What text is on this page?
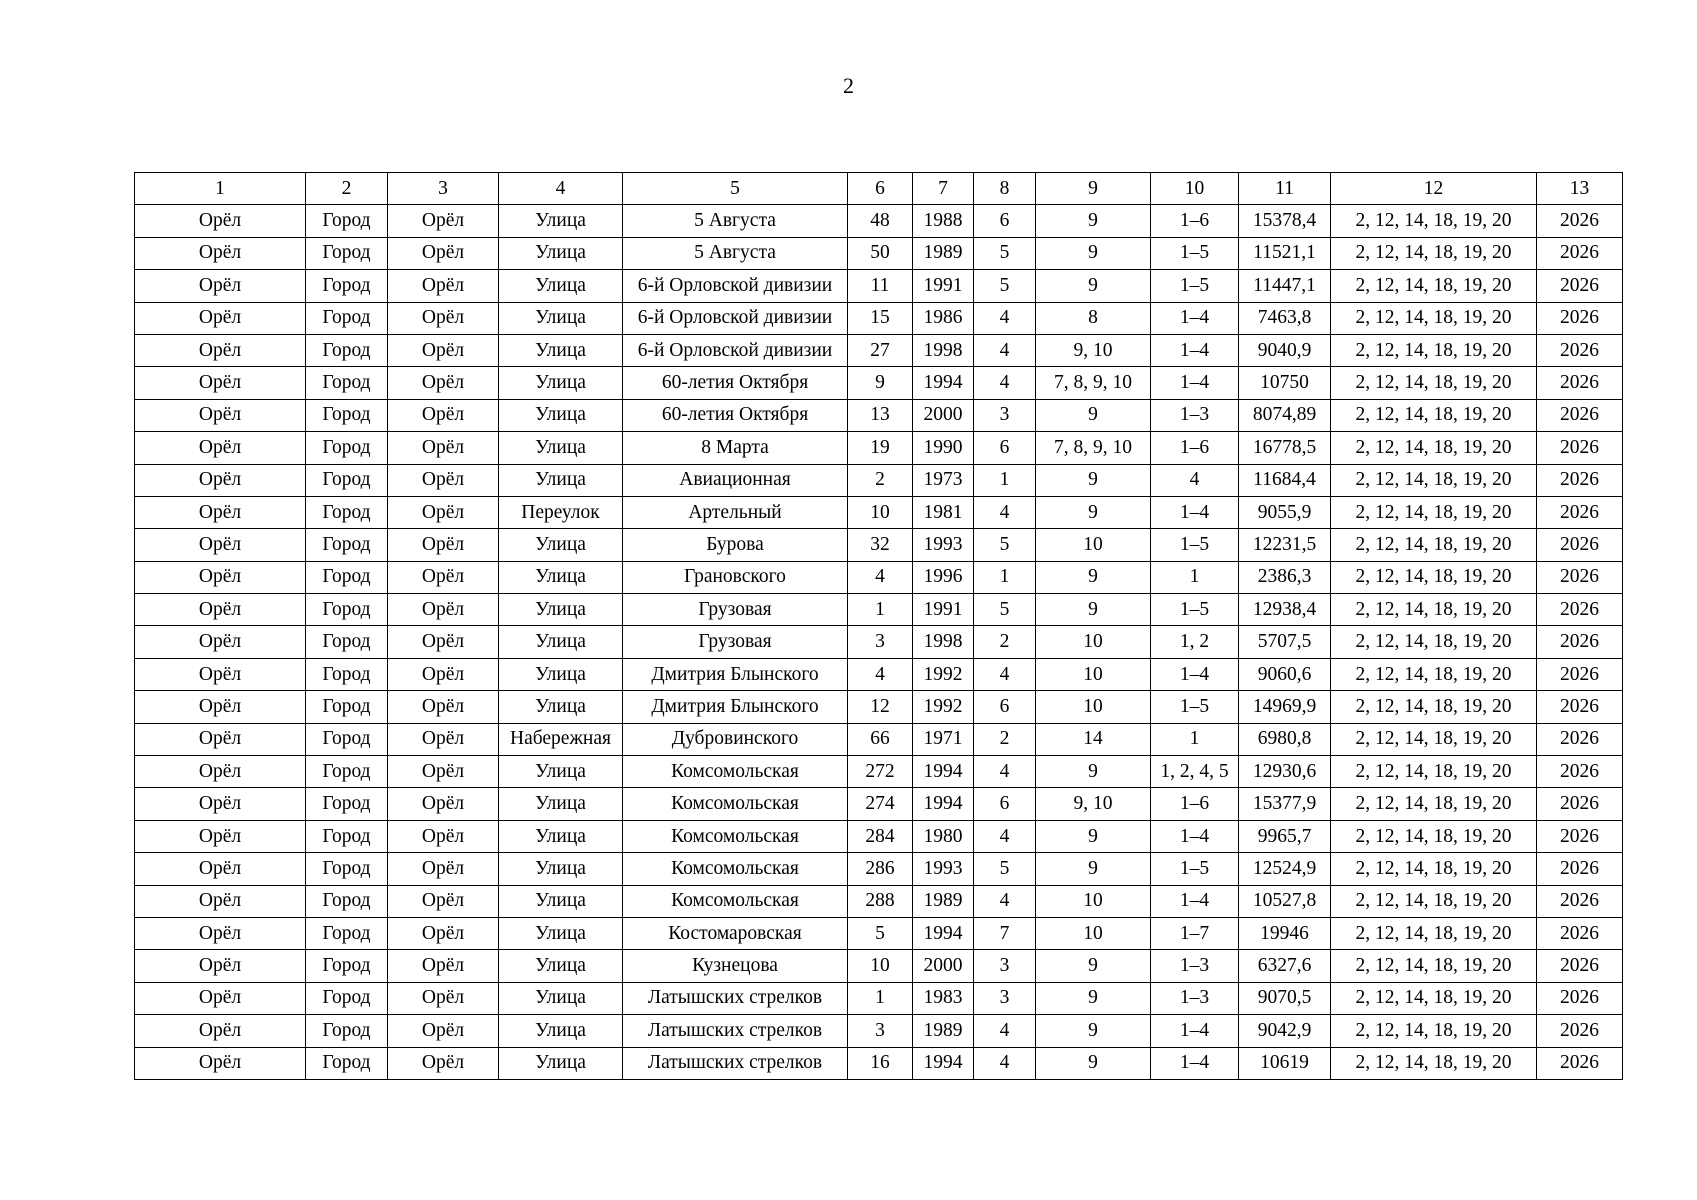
2
1	2	3	4	5	6	7	8	9	10	11	12	13
Орёл	Город	Орёл	Улица	5 Августа	48	1988	6	9	1–6	15378,4	2, 12, 14, 18, 19, 20	2026
Орёл	Город	Орёл	Улица	5 Августа	50	1989	5	9	1–5	11521,1	2, 12, 14, 18, 19, 20	2026
Орёл	Город	Орёл	Улица	6-й Орловской дивизии	11	1991	5	9	1–5	11447,1	2, 12, 14, 18, 19, 20	2026
Орёл	Город	Орёл	Улица	6-й Орловской дивизии	15	1986	4	8	1–4	7463,8	2, 12, 14, 18, 19, 20	2026
Орёл	Город	Орёл	Улица	6-й Орловской дивизии	27	1998	4	9, 10	1–4	9040,9	2, 12, 14, 18, 19, 20	2026
Орёл	Город	Орёл	Улица	60-летия Октября	9	1994	4	7, 8, 9, 10	1–4	10750	2, 12, 14, 18, 19, 20	2026
Орёл	Город	Орёл	Улица	60-летия Октября	13	2000	3	9	1–3	8074,89	2, 12, 14, 18, 19, 20	2026
Орёл	Город	Орёл	Улица	8 Марта	19	1990	6	7, 8, 9, 10	1–6	16778,5	2, 12, 14, 18, 19, 20	2026
Орёл	Город	Орёл	Улица	Авиационная	2	1973	1	9	4	11684,4	2, 12, 14, 18, 19, 20	2026
Орёл	Город	Орёл	Переулок	Артельный	10	1981	4	9	1–4	9055,9	2, 12, 14, 18, 19, 20	2026
Орёл	Город	Орёл	Улица	Бурова	32	1993	5	10	1–5	12231,5	2, 12, 14, 18, 19, 20	2026
Орёл	Город	Орёл	Улица	Грановского	4	1996	1	9	1	2386,3	2, 12, 14, 18, 19, 20	2026
Орёл	Город	Орёл	Улица	Грузовая	1	1991	5	9	1–5	12938,4	2, 12, 14, 18, 19, 20	2026
Орёл	Город	Орёл	Улица	Грузовая	3	1998	2	10	1, 2	5707,5	2, 12, 14, 18, 19, 20	2026
Орёл	Город	Орёл	Улица	Дмитрия Блынского	4	1992	4	10	1–4	9060,6	2, 12, 14, 18, 19, 20	2026
Орёл	Город	Орёл	Улица	Дмитрия Блынского	12	1992	6	10	1–5	14969,9	2, 12, 14, 18, 19, 20	2026
Орёл	Город	Орёл	Набережная	Дубровинского	66	1971	2	14	1	6980,8	2, 12, 14, 18, 19, 20	2026
Орёл	Город	Орёл	Улица	Комсомольская	272	1994	4	9	1, 2, 4, 5	12930,6	2, 12, 14, 18, 19, 20	2026
Орёл	Город	Орёл	Улица	Комсомольская	274	1994	6	9, 10	1–6	15377,9	2, 12, 14, 18, 19, 20	2026
Орёл	Город	Орёл	Улица	Комсомольская	284	1980	4	9	1–4	9965,7	2, 12, 14, 18, 19, 20	2026
Орёл	Город	Орёл	Улица	Комсомольская	286	1993	5	9	1–5	12524,9	2, 12, 14, 18, 19, 20	2026
Орёл	Город	Орёл	Улица	Комсомольская	288	1989	4	10	1–4	10527,8	2, 12, 14, 18, 19, 20	2026
Орёл	Город	Орёл	Улица	Костомаровская	5	1994	7	10	1–7	19946	2, 12, 14, 18, 19, 20	2026
Орёл	Город	Орёл	Улица	Кузнецова	10	2000	3	9	1–3	6327,6	2, 12, 14, 18, 19, 20	2026
Орёл	Город	Орёл	Улица	Латышских стрелков	1	1983	3	9	1–3	9070,5	2, 12, 14, 18, 19, 20	2026
Орёл	Город	Орёл	Улица	Латышских стрелков	3	1989	4	9	1–4	9042,9	2, 12, 14, 18, 19, 20	2026
Орёл	Город	Орёл	Улица	Латышских стрелков	16	1994	4	9	1–4	10619	2, 12, 14, 18, 19, 20	2026
